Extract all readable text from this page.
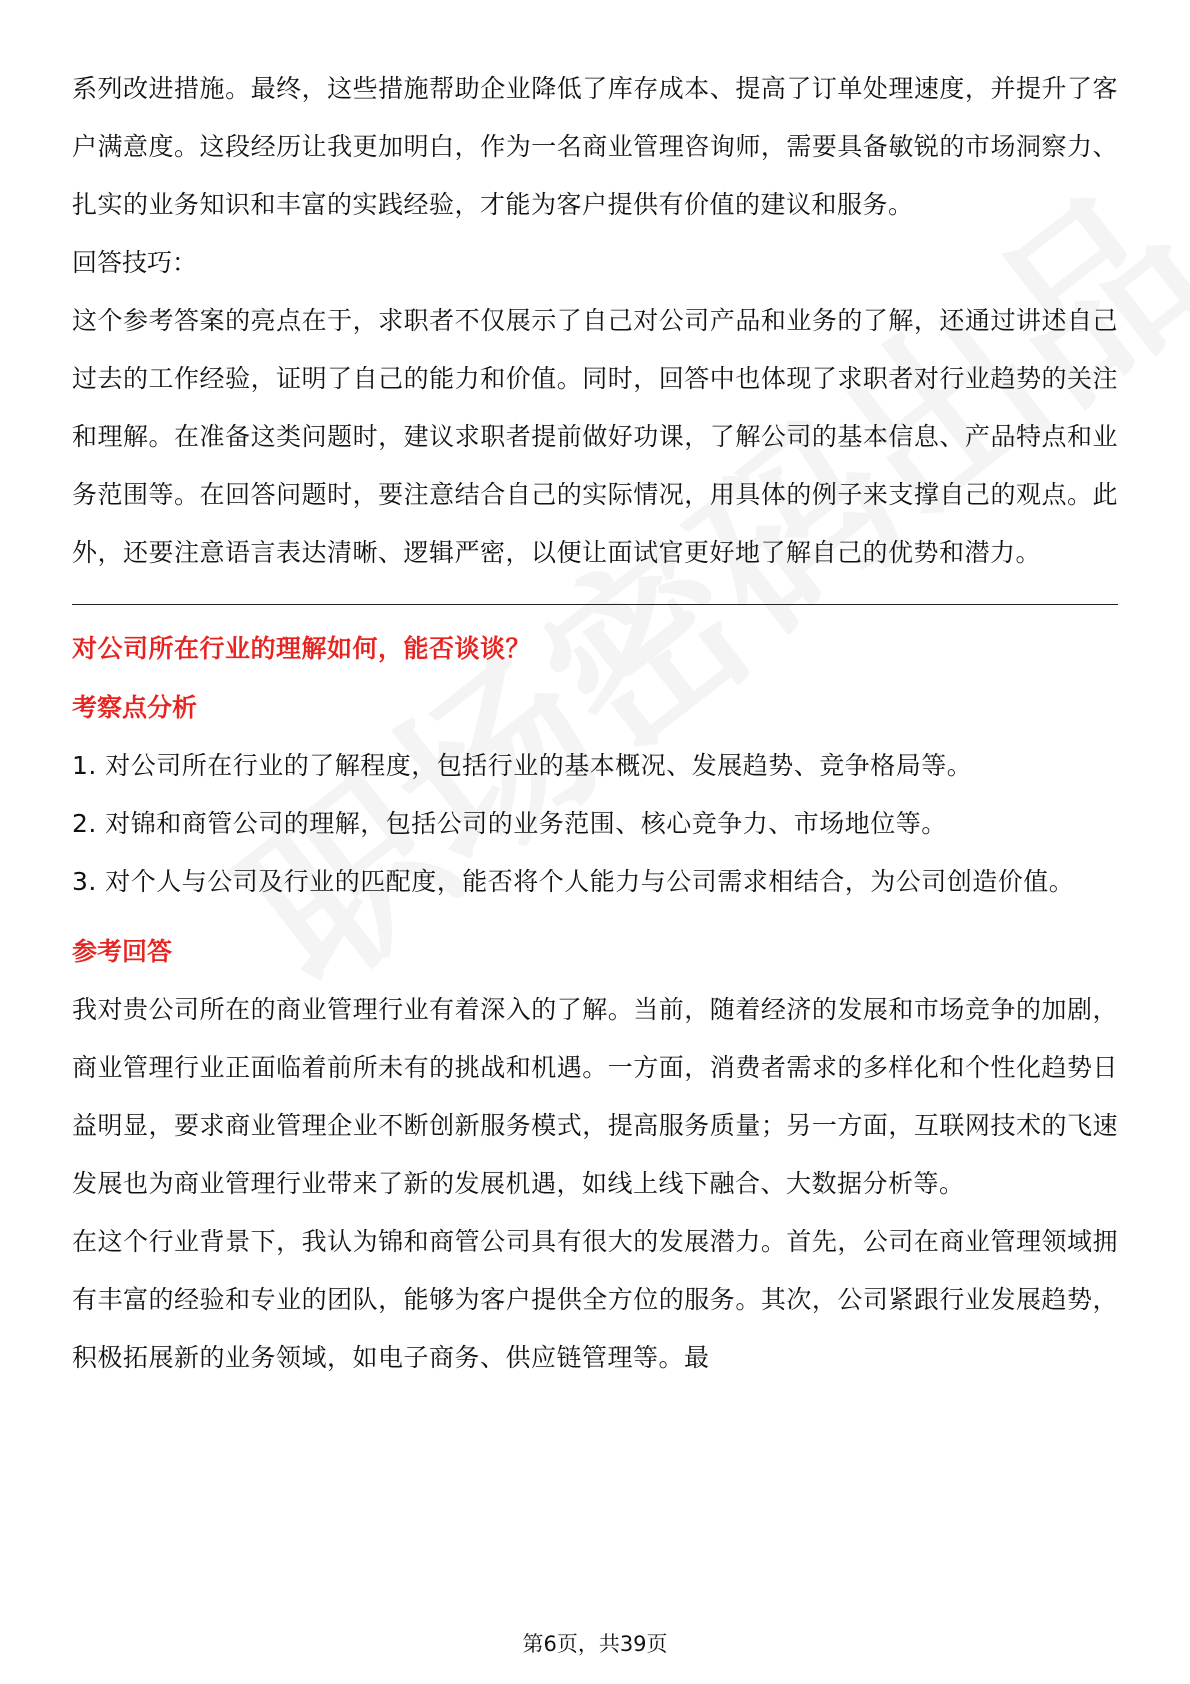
系列改进措施。最终，这些措施帮助企业降低了库存成本、提高了订单处理速度，并提升了客户满意度。这段经历让我更加明白，作为一名商业管理咨询师，需要具备敏锐的市场洞察力、扎实的业务知识和丰富的实践经验，才能为客户提供有价值的建议和服务。

回答技巧：

这个参考答案的亮点在于，求职者不仅展示了自己对公司产品和业务的了解，还通过讲述自己过去的工作经验，证明了自己的能力和价值。同时，回答中也体现了求职者对行业趋势的关注和理解。在准备这类问题时，建议求职者提前做好功课，了解公司的基本信息、产品特点和业务范围等。在回答问题时，要注意结合自己的实际情况，用具体的例子来支撑自己的观点。此外，还要注意语言表达清晰、逻辑严密，以便让面试官更好地了解自己的优势和潜力。

对公司所在行业的理解如何，能否谈谈？

考察点分析

1. 对公司所在行业的了解程度，包括行业的基本概况、发展趋势、竞争格局等。

2. 对锦和商管公司的理解，包括公司的业务范围、核心竞争力、市场地位等。

3. 对个人与公司及行业的匹配度，能否将个人能力与公司需求相结合，为公司创造价值。

参考回答

我对贵公司所在的商业管理行业有着深入的了解。当前，随着经济的发展和市场竞争的加剧，商业管理行业正面临着前所未有的挑战和机遇。一方面，消费者需求的多样化和个性化趋势日益明显，要求商业管理企业不断创新服务模式，提高服务质量；另一方面，互联网技术的飞速发展也为商业管理行业带来了新的发展机遇，如线上线下融合、大数据分析等。

在这个行业背景下，我认为锦和商管公司具有很大的发展潜力。首先，公司在商业管理领域拥有丰富的经验和专业的团队，能够为客户提供全方位的服务。其次，公司紧跟行业发展趋势，积极拓展新的业务领域，如电子商务、供应链管理等。最

第6页，共39页
